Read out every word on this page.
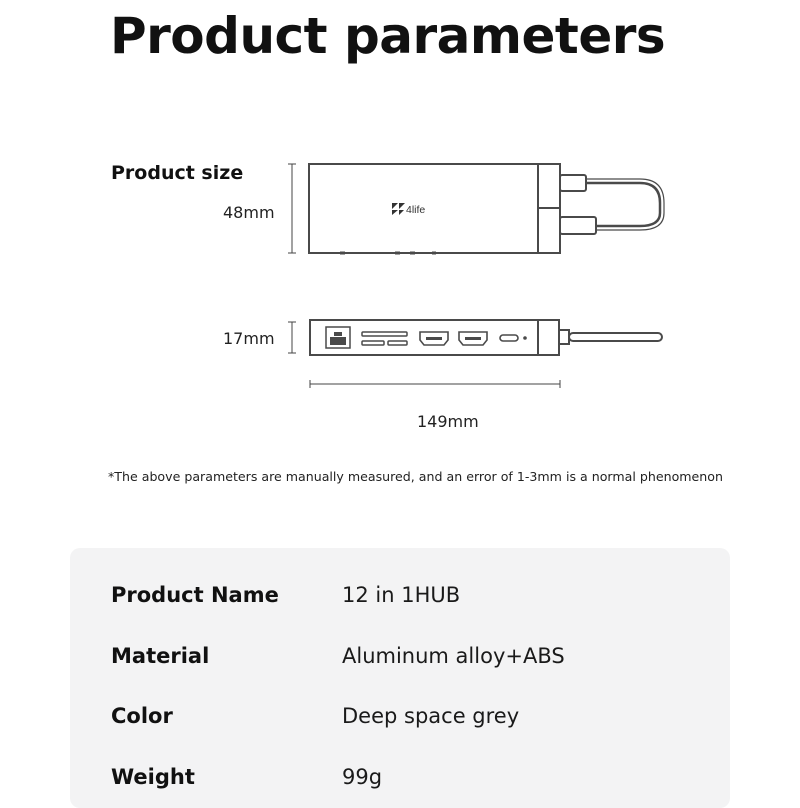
Product parameters
Product size
48mm
17mm
149mm
4life
*The above parameters are manually measured, and an error of 1-3mm is a normal phenomenon
Product Name	12 in 1HUB
Material	Aluminum alloy+ABS
Color	Deep space grey
Weight	99g
